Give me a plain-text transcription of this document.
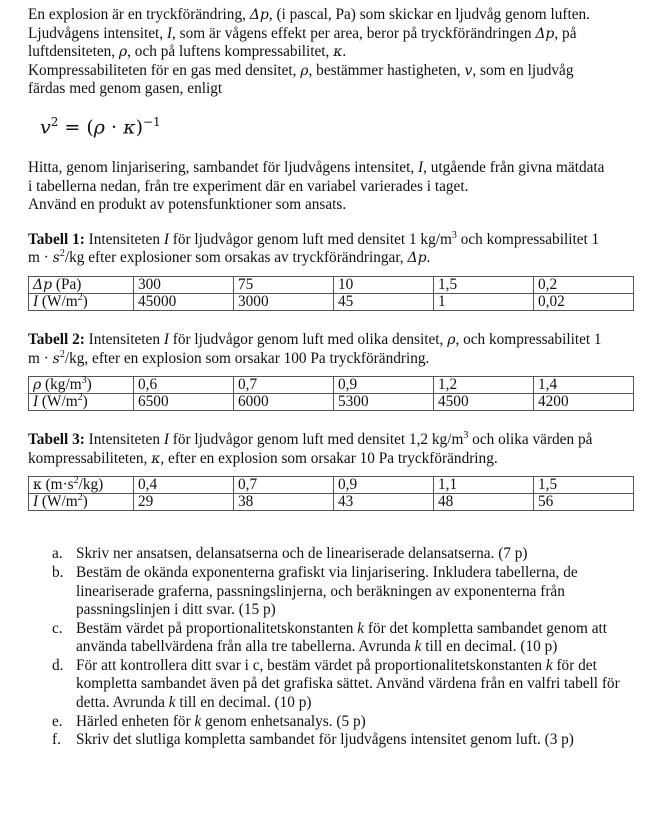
En explosion är en tryckförändring, Δp, (i pascal, Pa) som skickar en ljudvåg genom luften.

Ljudvågens intensitet, I, som är vågens effekt per area, beror på tryckförändringen Δp, på

luftdensiteten, ρ, och på luftens kompressabilitet, κ.

Kompressabiliteten för en gas med densitet, ρ, bestämmer hastigheten, v, som en ljudvåg

färdas med genom gasen, enligt

$v^2 = (\rho \cdot \kappa)^{-1}$

Hitta, genom linjarisering, sambandet för ljudvågens intensitet, I, utgående från givna mätdata

i tabellerna nedan, från tre experiment där en variabel varierades i taget.

Använd en produkt av potensfunktioner som ansats.

Tabell 1: Intensiteten I för ljudvågor genom luft med densitet 1 $kg/m^3$ och kompressabilitet 1

$m \cdot s^2/kg$ efter explosioner som orsakas av tryckförändringar, Δp.

Δp (Pa)	300	75	10	1,5	0,2
I $(W/m^2)$	45000	3000	45	1	0,02

Tabell 2: Intensiteten I för ljudvågor genom luft med olika densitet, ρ, och kompressabilitet 1

$m \cdot s^2/kg$, efter en explosion som orsakar 100 Pa tryckförändring.

ρ $(kg/m^3)$	0,6	0,7	0,9	1,2	1,4
I $(W/m^2)$	6500	6000	5300	4500	4200

Tabell 3: Intensiteten I för ljudvågor genom luft med densitet 1,2 $kg/m^3$ och olika värden på

kompressabiliteten, κ, efter en explosion som orsakar 10 Pa tryckförändring.

κ $(m\cdot s^2/kg)$	0,4	0,7	0,9	1,1	1,5
I $(W/m^2)$	29	38	43	48	56
a. Skriv ner ansatsen, delansatserna och de lineariserade delansatserna. (7 p)
b. Bestäm de okända exponenterna grafiskt via linjarisering. Inkludera tabellerna, de lineariserade graferna, passningslinjerna, och beräkningen av exponenterna från passningslinjen i ditt svar. (15 p)
c. Bestäm värdet på proportionalitetskonstanten k för det kompletta sambandet genom att använda tabellvärdena från alla tre tabellerna. Avrunda k till en decimal. (10 p)
d. För att kontrollera ditt svar i c, bestäm värdet på proportionalitetskonstanten k för det kompletta sambandet även på det grafiska sättet. Använd värdena från en valfri tabell för detta. Avrunda k till en decimal. (10 p)
e. Härled enheten för k genom enhetsanalys. (5 p)
f. Skriv det slutliga kompletta sambandet för ljudvågens intensitet genom luft. (3 p)
